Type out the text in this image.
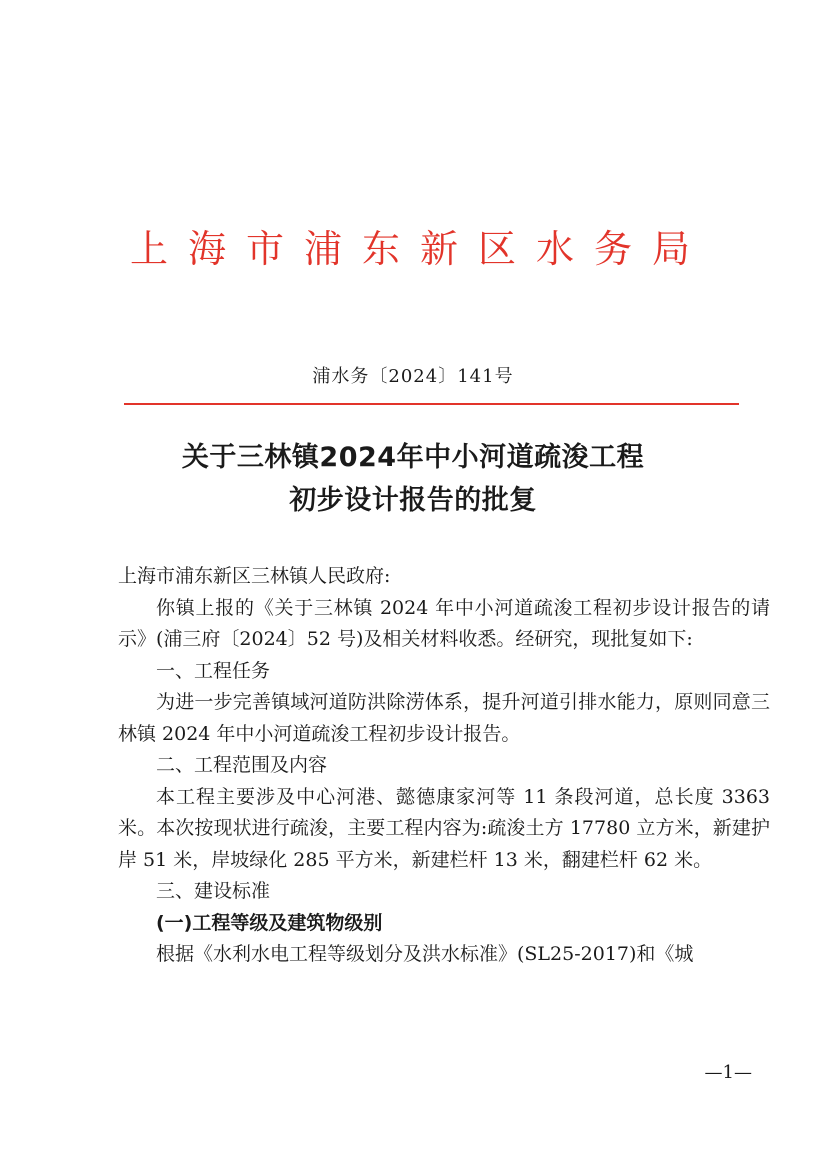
上海市浦东新区水务局
浦水务〔2024〕141号
关于三林镇2024年中小河道疏浚工程
初步设计报告的批复

上海市浦东新区三林镇人民政府:

你镇上报的《关于三林镇 2024 年中小河道疏浚工程初步设计报告的请示》(浦三府〔2024〕52 号)及相关材料收悉。经研究，现批复如下:

一、工程任务

为进一步完善镇域河道防洪除涝体系，提升河道引排水能力，原则同意三林镇 2024 年中小河道疏浚工程初步设计报告。

二、工程范围及内容

本工程主要涉及中心河港、懿德康家河等 11 条段河道，总长度 3363 米。本次按现状进行疏浚，主要工程内容为:疏浚土方 17780 立方米，新建护岸 51 米，岸坡绿化 285 平方米，新建栏杆 13 米，翻建栏杆 62 米。

三、建设标准

(一)工程等级及建筑物级别

根据《水利水电工程等级划分及洪水标准》(SL25-2017)和《城

—1—
